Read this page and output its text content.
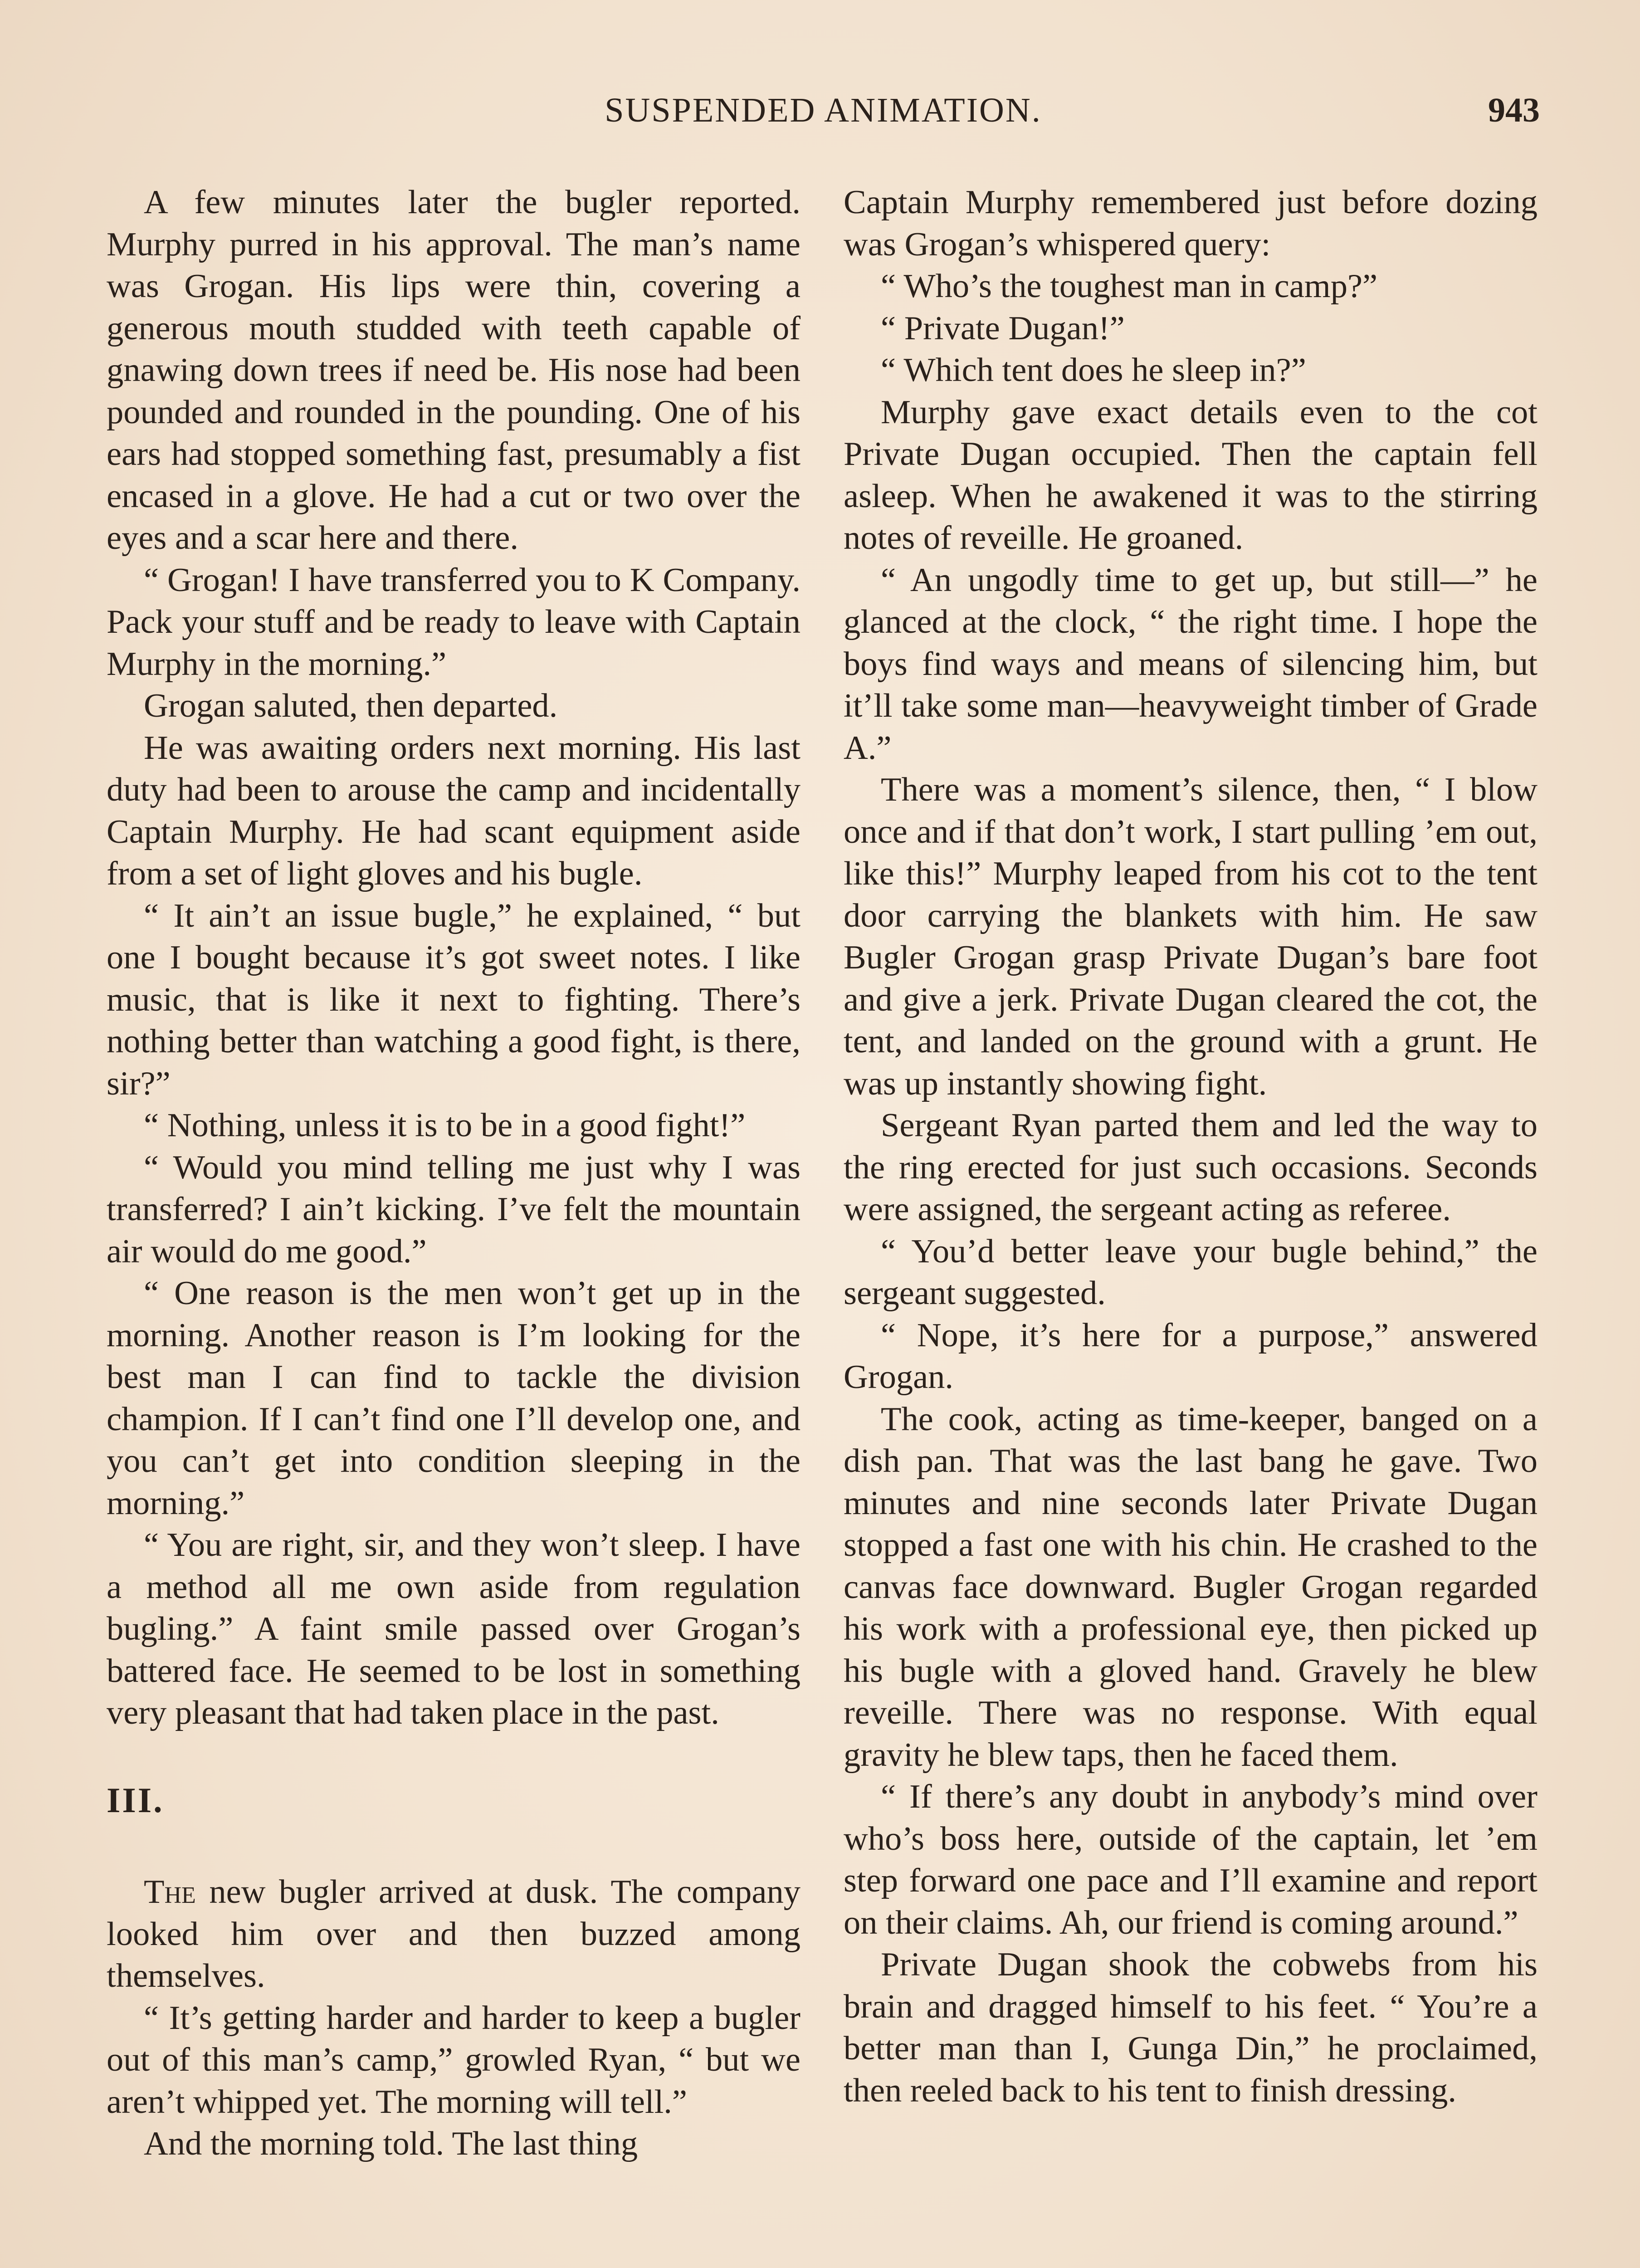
SUSPENDED ANIMATION.	943

A few minutes later the bugler reported. Murphy purred in his approval. The man’s name was Grogan. His lips were thin, covering a generous mouth studded with teeth capable of gnawing down trees if need be. His nose had been pounded and rounded in the pounding. One of his ears had stopped something fast, presumably a fist encased in a glove. He had a cut or two over the eyes and a scar here and there.

“ Grogan! I have transferred you to K Company. Pack your stuff and be ready to leave with Captain Murphy in the morning.”

Grogan saluted, then departed.

He was awaiting orders next morning. His last duty had been to arouse the camp and incidentally Captain Murphy. He had scant equipment aside from a set of light gloves and his bugle.

“ It ain’t an issue bugle,” he explained, “ but one I bought because it’s got sweet notes. I like music, that is like it next to fighting. There’s nothing better than watching a good fight, is there, sir?”

“ Nothing, unless it is to be in a good fight!”

“ Would you mind telling me just why I was transferred? I ain’t kicking. I’ve felt the mountain air would do me good.”

“ One reason is the men won’t get up in the morning. Another reason is I’m looking for the best man I can find to tackle the division champion. If I can’t find one I’ll develop one, and you can’t get into condition sleeping in the morning.”

“ You are right, sir, and they won’t sleep. I have a method all me own aside from regulation bugling.” A faint smile passed over Grogan’s battered face. He seemed to be lost in something very pleasant that had taken place in the past.

III.

The new bugler arrived at dusk. The company looked him over and then buzzed among themselves.

“ It’s getting harder and harder to keep a bugler out of this man’s camp,” growled Ryan, “ but we aren’t whipped yet. The morning will tell.”

And the morning told. The last thing

Captain Murphy remembered just before dozing was Grogan’s whispered query:

“ Who’s the toughest man in camp?”

“ Private Dugan!”

“ Which tent does he sleep in?”

Murphy gave exact details even to the cot Private Dugan occupied. Then the captain fell asleep. When he awakened it was to the stirring notes of reveille. He groaned.

“ An ungodly time to get up, but still—” he glanced at the clock, “ the right time. I hope the boys find ways and means of silencing him, but it’ll take some man—heavyweight timber of Grade A.”

There was a moment’s silence, then, “ I blow once and if that don’t work, I start pulling ’em out, like this!” Murphy leaped from his cot to the tent door carrying the blankets with him. He saw Bugler Grogan grasp Private Dugan’s bare foot and give a jerk. Private Dugan cleared the cot, the tent, and landed on the ground with a grunt. He was up instantly showing fight.

Sergeant Ryan parted them and led the way to the ring erected for just such occasions. Seconds were assigned, the sergeant acting as referee.

“ You’d better leave your bugle behind,” the sergeant suggested.

“ Nope, it’s here for a purpose,” answered Grogan.

The cook, acting as time-keeper, banged on a dish pan. That was the last bang he gave. Two minutes and nine seconds later Private Dugan stopped a fast one with his chin. He crashed to the canvas face downward. Bugler Grogan regarded his work with a professional eye, then picked up his bugle with a gloved hand. Gravely he blew reveille. There was no response. With equal gravity he blew taps, then he faced them.

“ If there’s any doubt in anybody’s mind over who’s boss here, outside of the captain, let ’em step forward one pace and I’ll examine and report on their claims. Ah, our friend is coming around.”

Private Dugan shook the cobwebs from his brain and dragged himself to his feet. “ You’re a better man than I, Gunga Din,” he proclaimed, then reeled back to his tent to finish dressing.
